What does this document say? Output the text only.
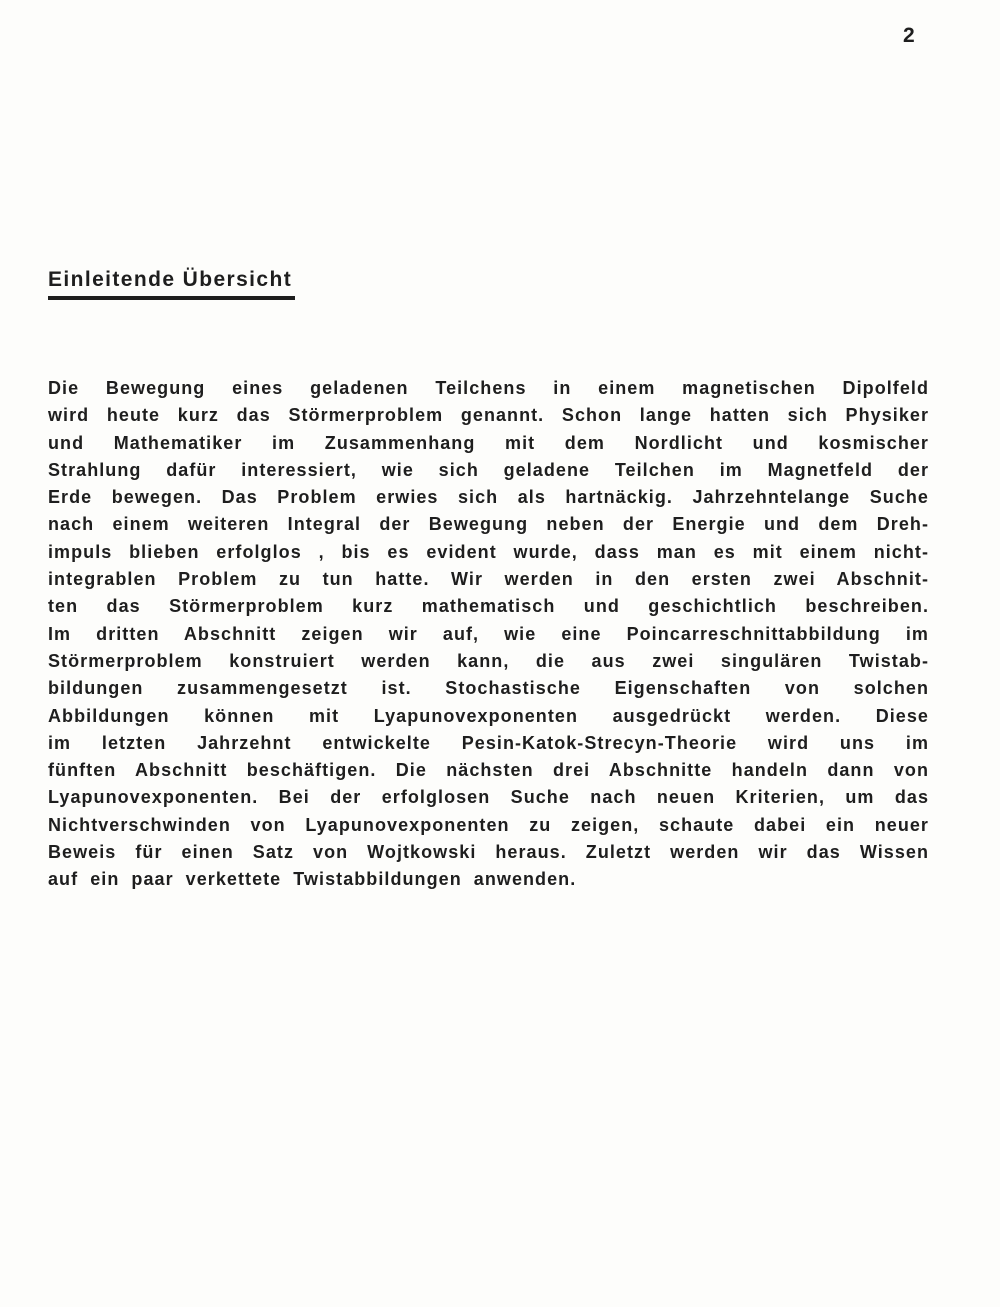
2
Einleitende Übersicht
Die Bewegung eines geladenen Teilchens in einem magnetischen Dipolfeld
wird heute kurz das Störmerproblem genannt. Schon lange hatten sich Physiker
und Mathematiker im Zusammenhang mit dem Nordlicht und kosmischer
Strahlung dafür interessiert, wie sich geladene Teilchen im Magnetfeld der
Erde bewegen. Das Problem erwies sich als hartnäckig. Jahrzehntelange Suche
nach einem weiteren Integral der Bewegung neben der Energie und dem Dreh-
impuls blieben erfolglos , bis es evident wurde, dass man es mit einem nicht-
integrablen Problem zu tun hatte. Wir werden in den ersten zwei Abschnit-
ten das Störmerproblem kurz mathematisch und geschichtlich beschreiben.
Im dritten Abschnitt zeigen wir auf, wie eine Poincarreschnittabbildung im
Störmerproblem konstruiert werden kann, die aus zwei singulären Twistab-
bildungen zusammengesetzt ist. Stochastische Eigenschaften von solchen
Abbildungen können mit Lyapunovexponenten ausgedrückt werden. Diese
im letzten Jahrzehnt entwickelte Pesin-Katok-Strecyn-Theorie wird uns im
fünften Abschnitt beschäftigen. Die nächsten drei Abschnitte handeln dann von
Lyapunovexponenten. Bei der erfolglosen Suche nach neuen Kriterien, um das
Nichtverschwinden von Lyapunovexponenten zu zeigen, schaute dabei ein neuer
Beweis für einen Satz von Wojtkowski heraus. Zuletzt werden wir das Wissen
auf ein paar verkettete Twistabbildungen anwenden.
